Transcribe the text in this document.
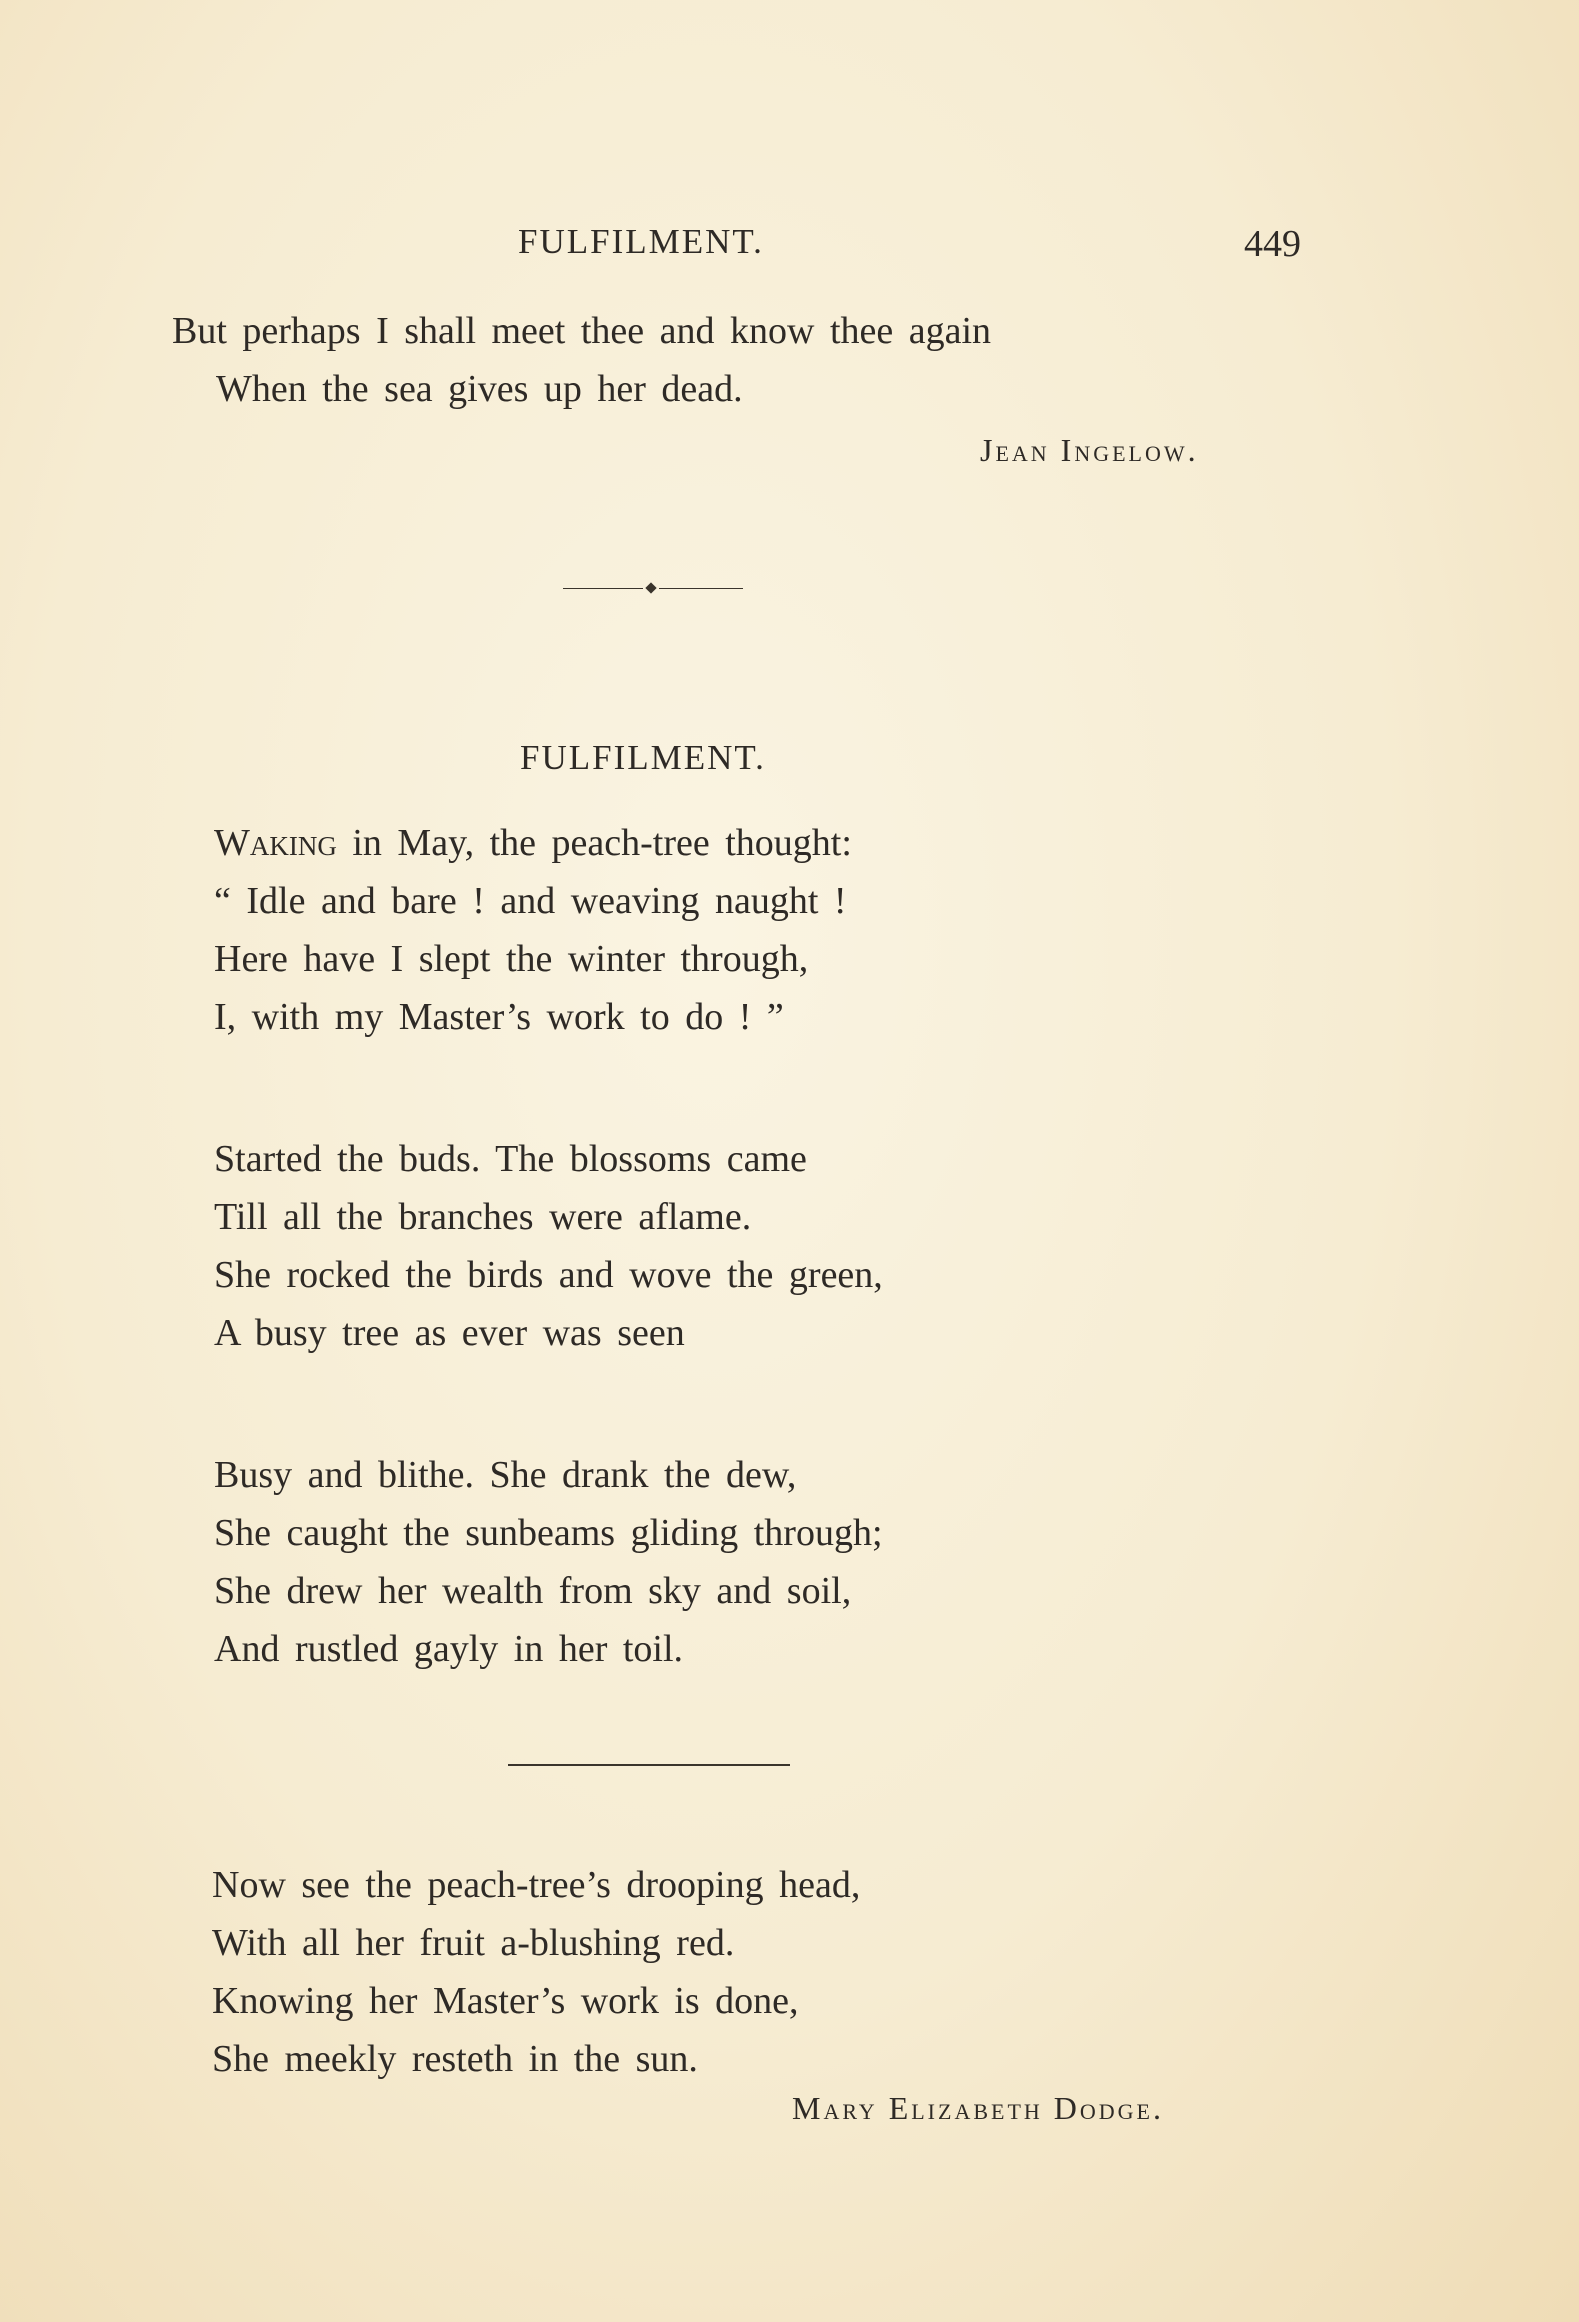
FULFILMENT.	449
But perhaps I shall meet thee and know thee again
When the sea gives up her dead.
Jean Ingelow.
FULFILMENT.
Waking in May, the peach-tree thought:
“ Idle and bare ! and weaving naught !
Here have I slept the winter through,
I, with my Master’s work to do ! ”
Started the buds. The blossoms came
Till all the branches were aflame.
She rocked the birds and wove the green,
A busy tree as ever was seen
Busy and blithe. She drank the dew,
She caught the sunbeams gliding through;
She drew her wealth from sky and soil,
And rustled gayly in her toil.
Now see the peach-tree’s drooping head,
With all her fruit a-blushing red.
Knowing her Master’s work is done,
She meekly resteth in the sun.
Mary Elizabeth Dodge.
